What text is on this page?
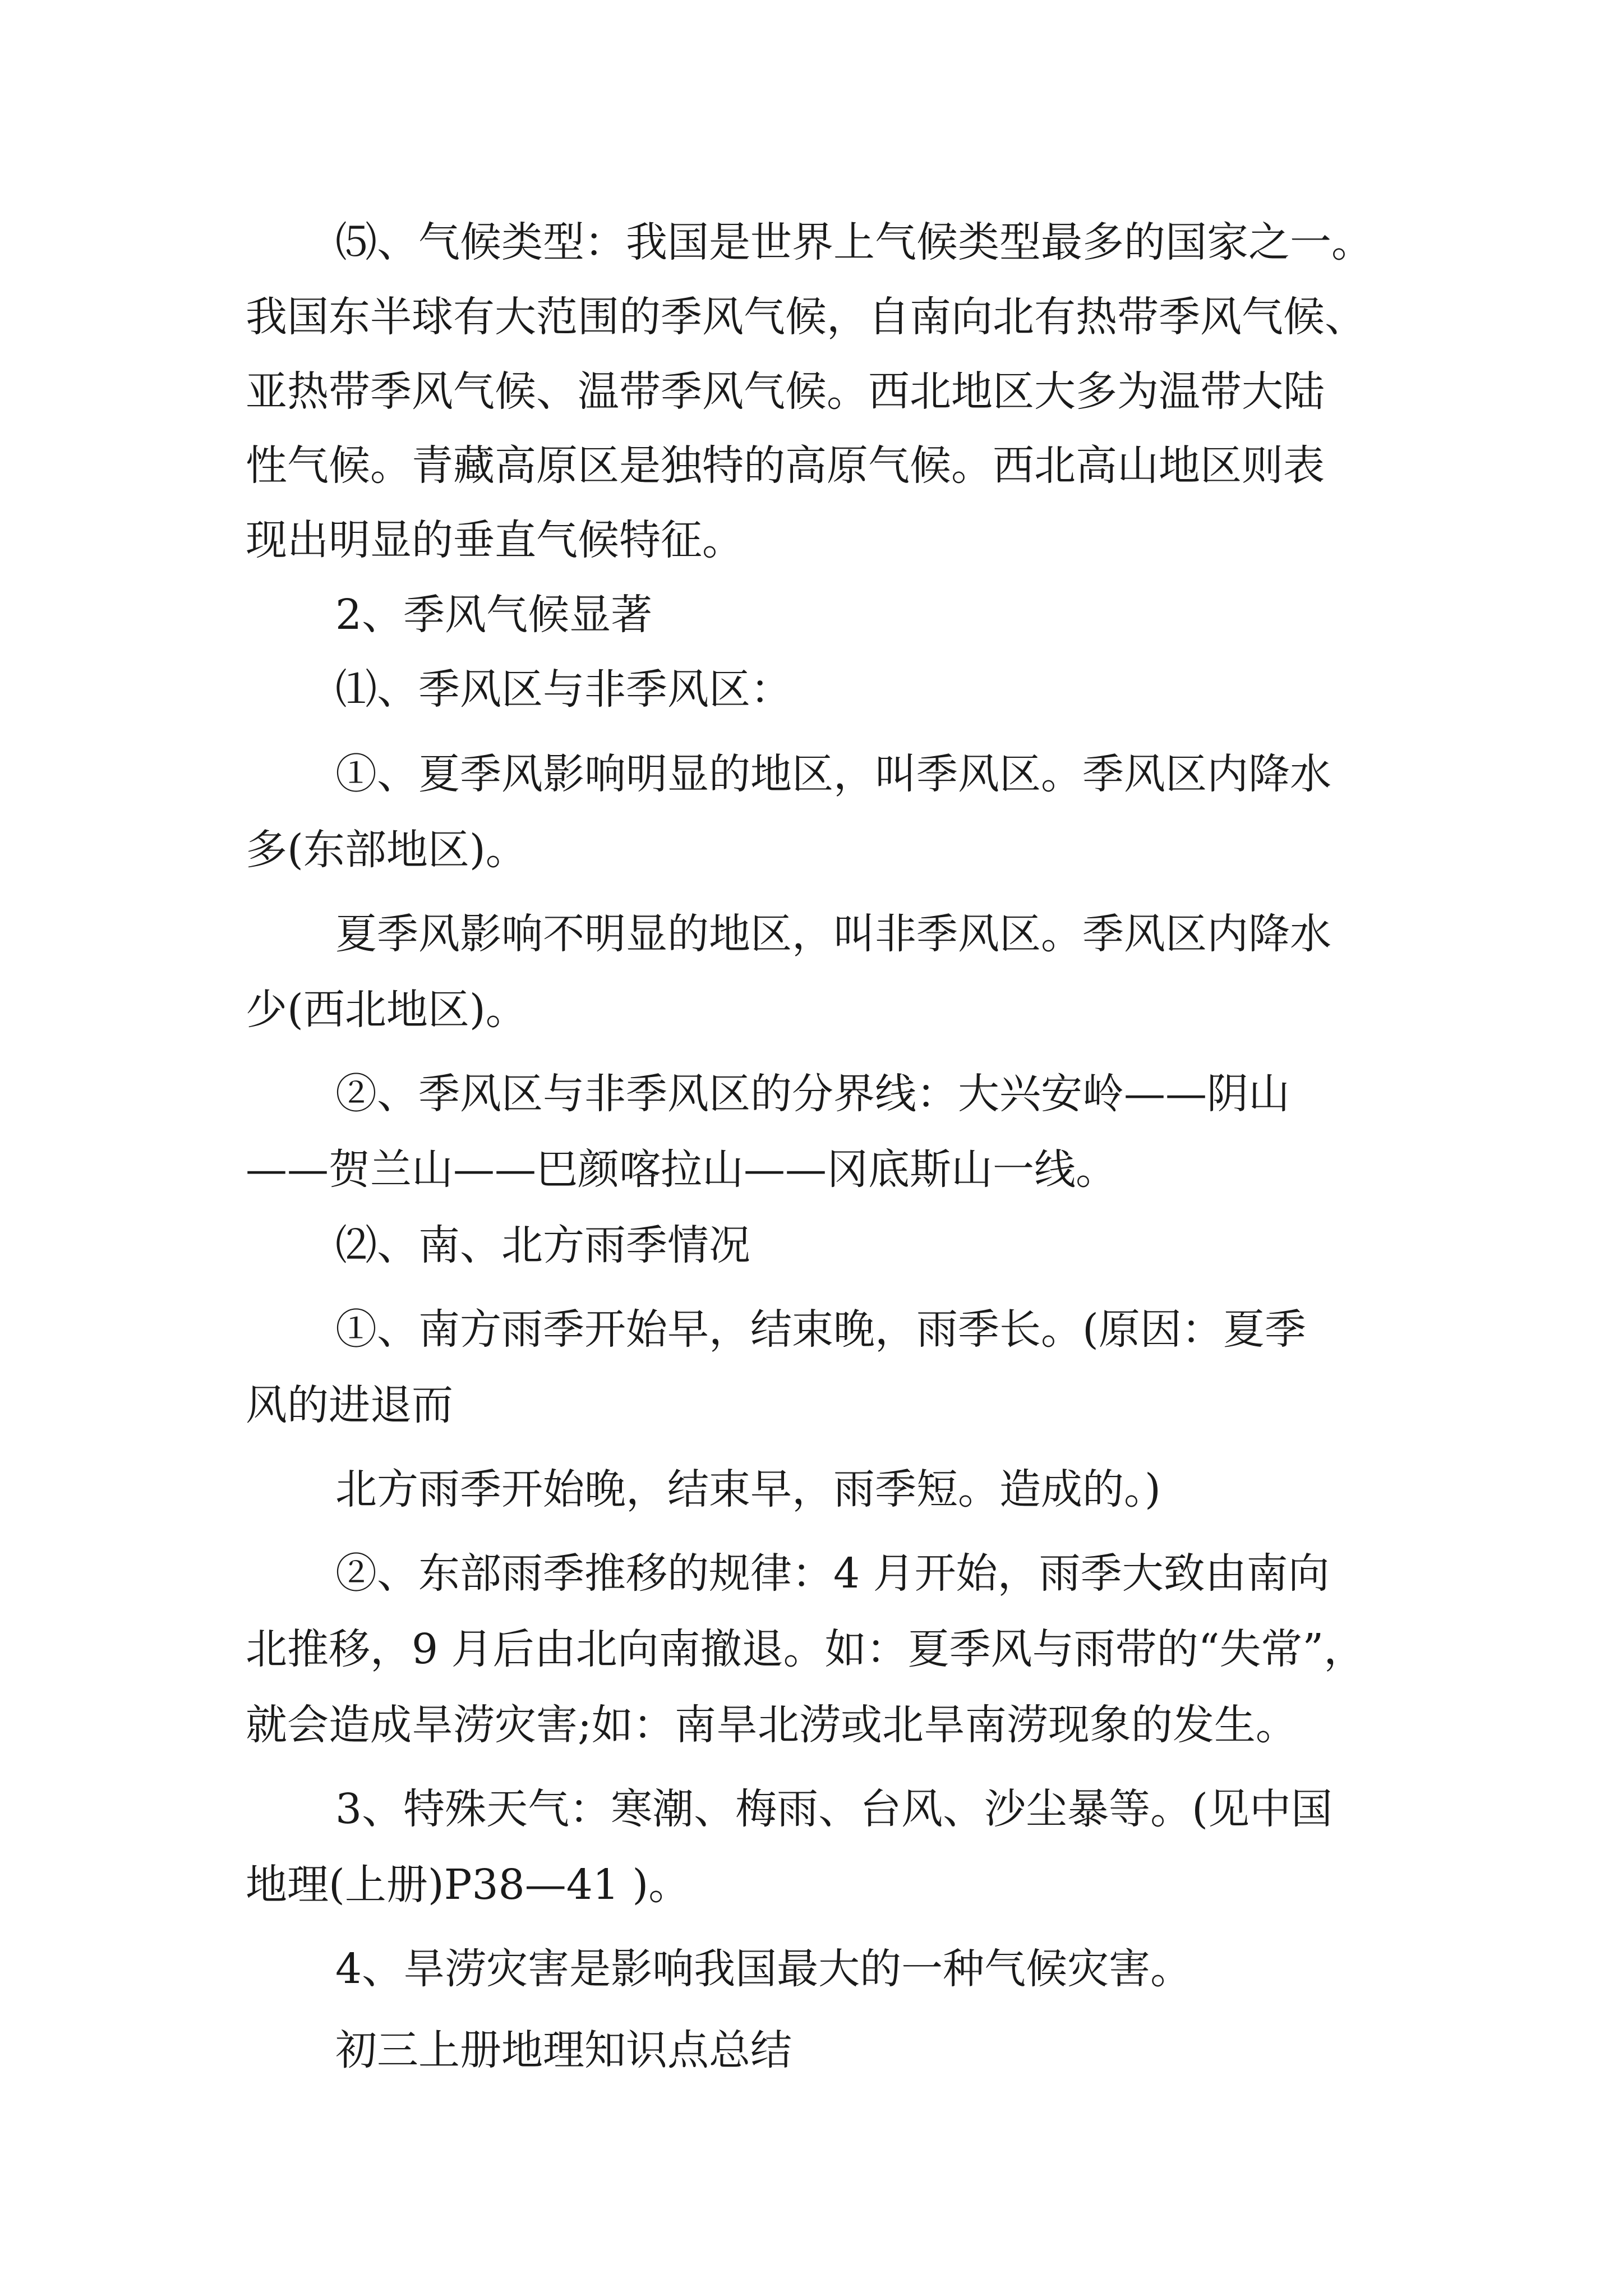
⑸、气候类型：我国是世界上气候类型最多的国家之一。
我国东半球有大范围的季风气候，自南向北有热带季风气候、
亚热带季风气候、温带季风气候。西北地区大多为温带大陆
性气候。青藏高原区是独特的高原气候。西北高山地区则表
现出明显的垂直气候特征。
2、季风气候显著
⑴、季风区与非季风区：
①、夏季风影响明显的地区，叫季风区。季风区内降水
多(东部地区)。
夏季风影响不明显的地区，叫非季风区。季风区内降水
少(西北地区)。
②、季风区与非季风区的分界线：大兴安岭——阴山
——贺兰山——巴颜喀拉山——冈底斯山一线。
⑵、南、北方雨季情况
①、南方雨季开始早，结束晚，雨季长。(原因：夏季
风的进退而
北方雨季开始晚，结束早，雨季短。造成的。)
②、东部雨季推移的规律：4 月开始，雨季大致由南向
北推移，9 月后由北向南撤退。如：夏季风与雨带的“失常”，
就会造成旱涝灾害;如：南旱北涝或北旱南涝现象的发生。
3、特殊天气：寒潮、梅雨、台风、沙尘暴等。(见中国
地理(上册)P38—41 )。
4、旱涝灾害是影响我国最大的一种气候灾害。
初三上册地理知识点总结
